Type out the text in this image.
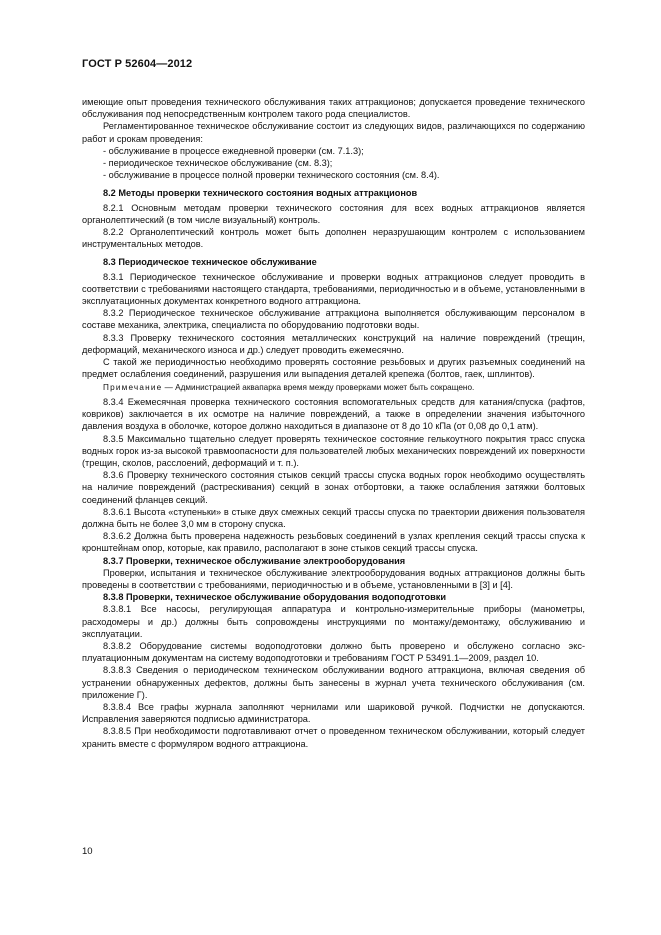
ГОСТ Р 52604—2012

имеющие опыт проведения технического обслуживания таких аттракционов; допускается проведение технического обслуживания под непосредственным контролем такого рода специалистов.

Регламентированное техническое обслуживание состоит из следующих видов, различающихся по содержанию работ и срокам проведения:

- обслуживание в процессе ежедневной проверки (см. 7.1.3);

- периодическое техническое обслуживание (см. 8.3);

- обслуживание в процессе полной проверки технического состояния (см. 8.4).

8.2 Методы проверки технического состояния водных аттракционов

8.2.1 Основным методам проверки технического состояния для всех водных аттракционов является органолептический (в том числе визуальный) контроль.

8.2.2 Органолептический контроль может быть дополнен неразрушающим контролем с использованием инструментальных методов.

8.3 Периодическое техническое обслуживание

8.3.1 Периодическое техническое обслуживание и проверки водных аттракционов следует проводить в соответствии с требованиями настоящего стандарта, требованиями, периодичностью и в объеме, установленными в эксплуатационных документах конкретного водного аттракциона.

8.3.2 Периодическое техническое обслуживание аттракциона выполняется обслуживающим персоналом в составе механика, электрика, специалиста по оборудованию подготовки воды.

8.3.3 Проверку технического состояния металлических конструкций на наличие повреждений (трещин, деформаций, механического износа и др.) следует проводить ежемесячно.

С такой же периодичностью необходимо проверять состояние резьбовых и других разъемных соединений на предмет ослабления соединений, разрушения или выпадения деталей крепежа (болтов, гаек, шплинтов).

Примечание — Администрацией аквапарка время между проверками может быть сокращено.

8.3.4 Ежемесячная проверка технического состояния вспомогательных средств для катания/спуска (рафтов, ковриков) заключается в их осмотре на наличие повреждений, а также в определении значения избыточного давления воздуха в оболочке, которое должно находиться в диапазоне от 8 до 10 кПа (от 0,08 до 0,1 атм).

8.3.5 Максимально тщательно следует проверять техническое состояние гелькоутного покрытия трасс спуска водных горок из-за высокой травмоопасности для пользователей любых механических повреждений их поверхности (трещин, сколов, расслоений, деформаций и т. п.).

8.3.6 Проверку технического состояния стыков секций трассы спуска водных горок необходимо осуществлять на наличие повреждений (растрескивания) секций в зонах отбортовки, а также ослабления затяжки болтовых соединений фланцев секций.

8.3.6.1 Высота «ступеньки» в стыке двух смежных секций трассы спуска по траектории движения пользователя должна быть не более 3,0 мм в сторону спуска.

8.3.6.2 Должна быть проверена надежность резьбовых соединений в узлах крепления секций трассы спуска к кронштейнам опор, которые, как правило, располагают в зоне стыков секций трассы спуска.

8.3.7 Проверки, техническое обслуживание электрооборудования

Проверки, испытания и техническое обслуживание электрооборудования водных аттракционов должны быть проведены в соответствии с требованиями, периодичностью и в объеме, установленными в [3] и [4].

8.3.8 Проверки, техническое обслуживание оборудования водоподготовки

8.3.8.1 Все насосы, регулирующая аппаратура и контрольно-измерительные приборы (манометры, расходомеры и др.) должны быть сопровождены инструкциями по монтажу/демонтажу, обслуживанию и эксплуатации.

8.3.8.2 Оборудование системы водоподготовки должно быть проверено и обслужено согласно эксплуатационным документам на систему водоподготовки и требованиям ГОСТ Р 53491.1—2009, раздел 10.

8.3.8.3 Сведения о периодическом техническом обслуживании водного аттракциона, включая сведения об устранении обнаруженных дефектов, должны быть занесены в журнал учета технического обслуживания (см. приложение Г).

8.3.8.4 Все графы журнала заполняют чернилами или шариковой ручкой. Подчистки не допускаются. Исправления заверяются подписью администратора.

8.3.8.5 При необходимости подготавливают отчет о проведенном техническом обслуживании, который следует хранить вместе с формуляром водного аттракциона.

10
